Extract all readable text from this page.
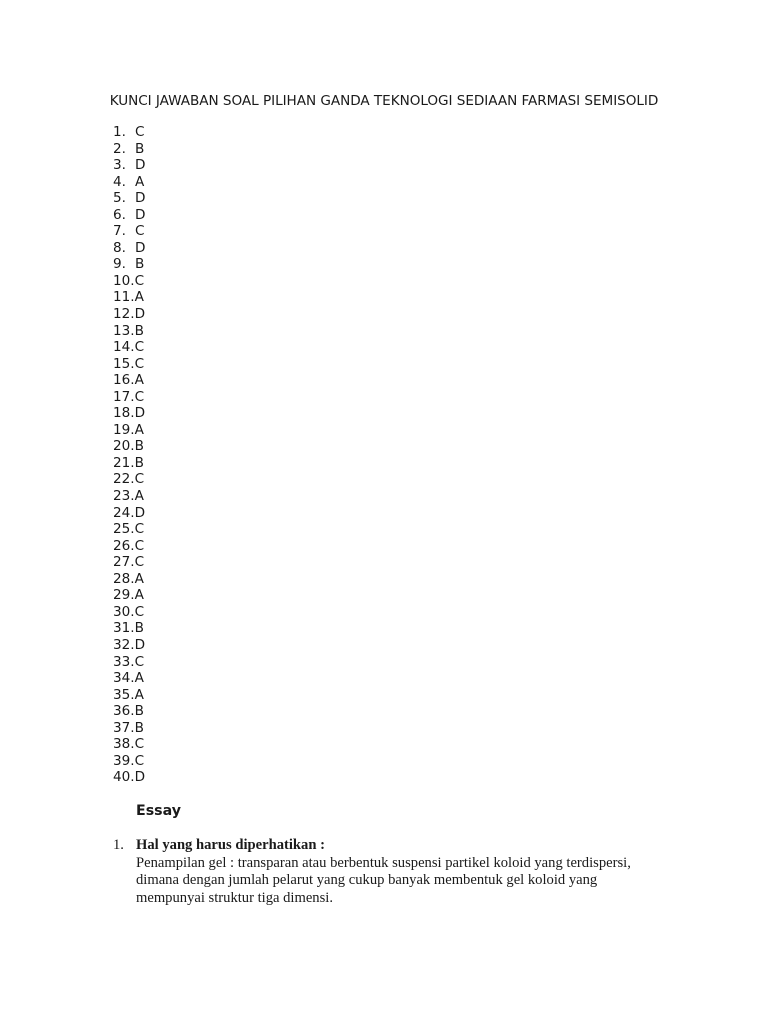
KUNCI JAWABAN SOAL PILIHAN GANDA TEKNOLOGI SEDIAAN FARMASI SEMISOLID
1. C
2. B
3. D
4. A
5. D
6. D
7. C
8. D
9. B
10. C
11. A
12. D
13. B
14. C
15. C
16. A
17. C
18. D
19. A
20. B
21. B
22. C
23. A
24. D
25. C
26. C
27. C
28. A
29. A
30. C
31. B
32. D
33. C
34. A
35. A
36. B
37. B
38. C
39. C
40. D
Essay
1. Hal yang harus diperhatikan :
Penampilan gel : transparan atau berbentuk suspensi partikel koloid yang terdispersi,
dimana dengan jumlah pelarut yang cukup banyak membentuk gel koloid yang
mempunyai struktur tiga dimensi.
